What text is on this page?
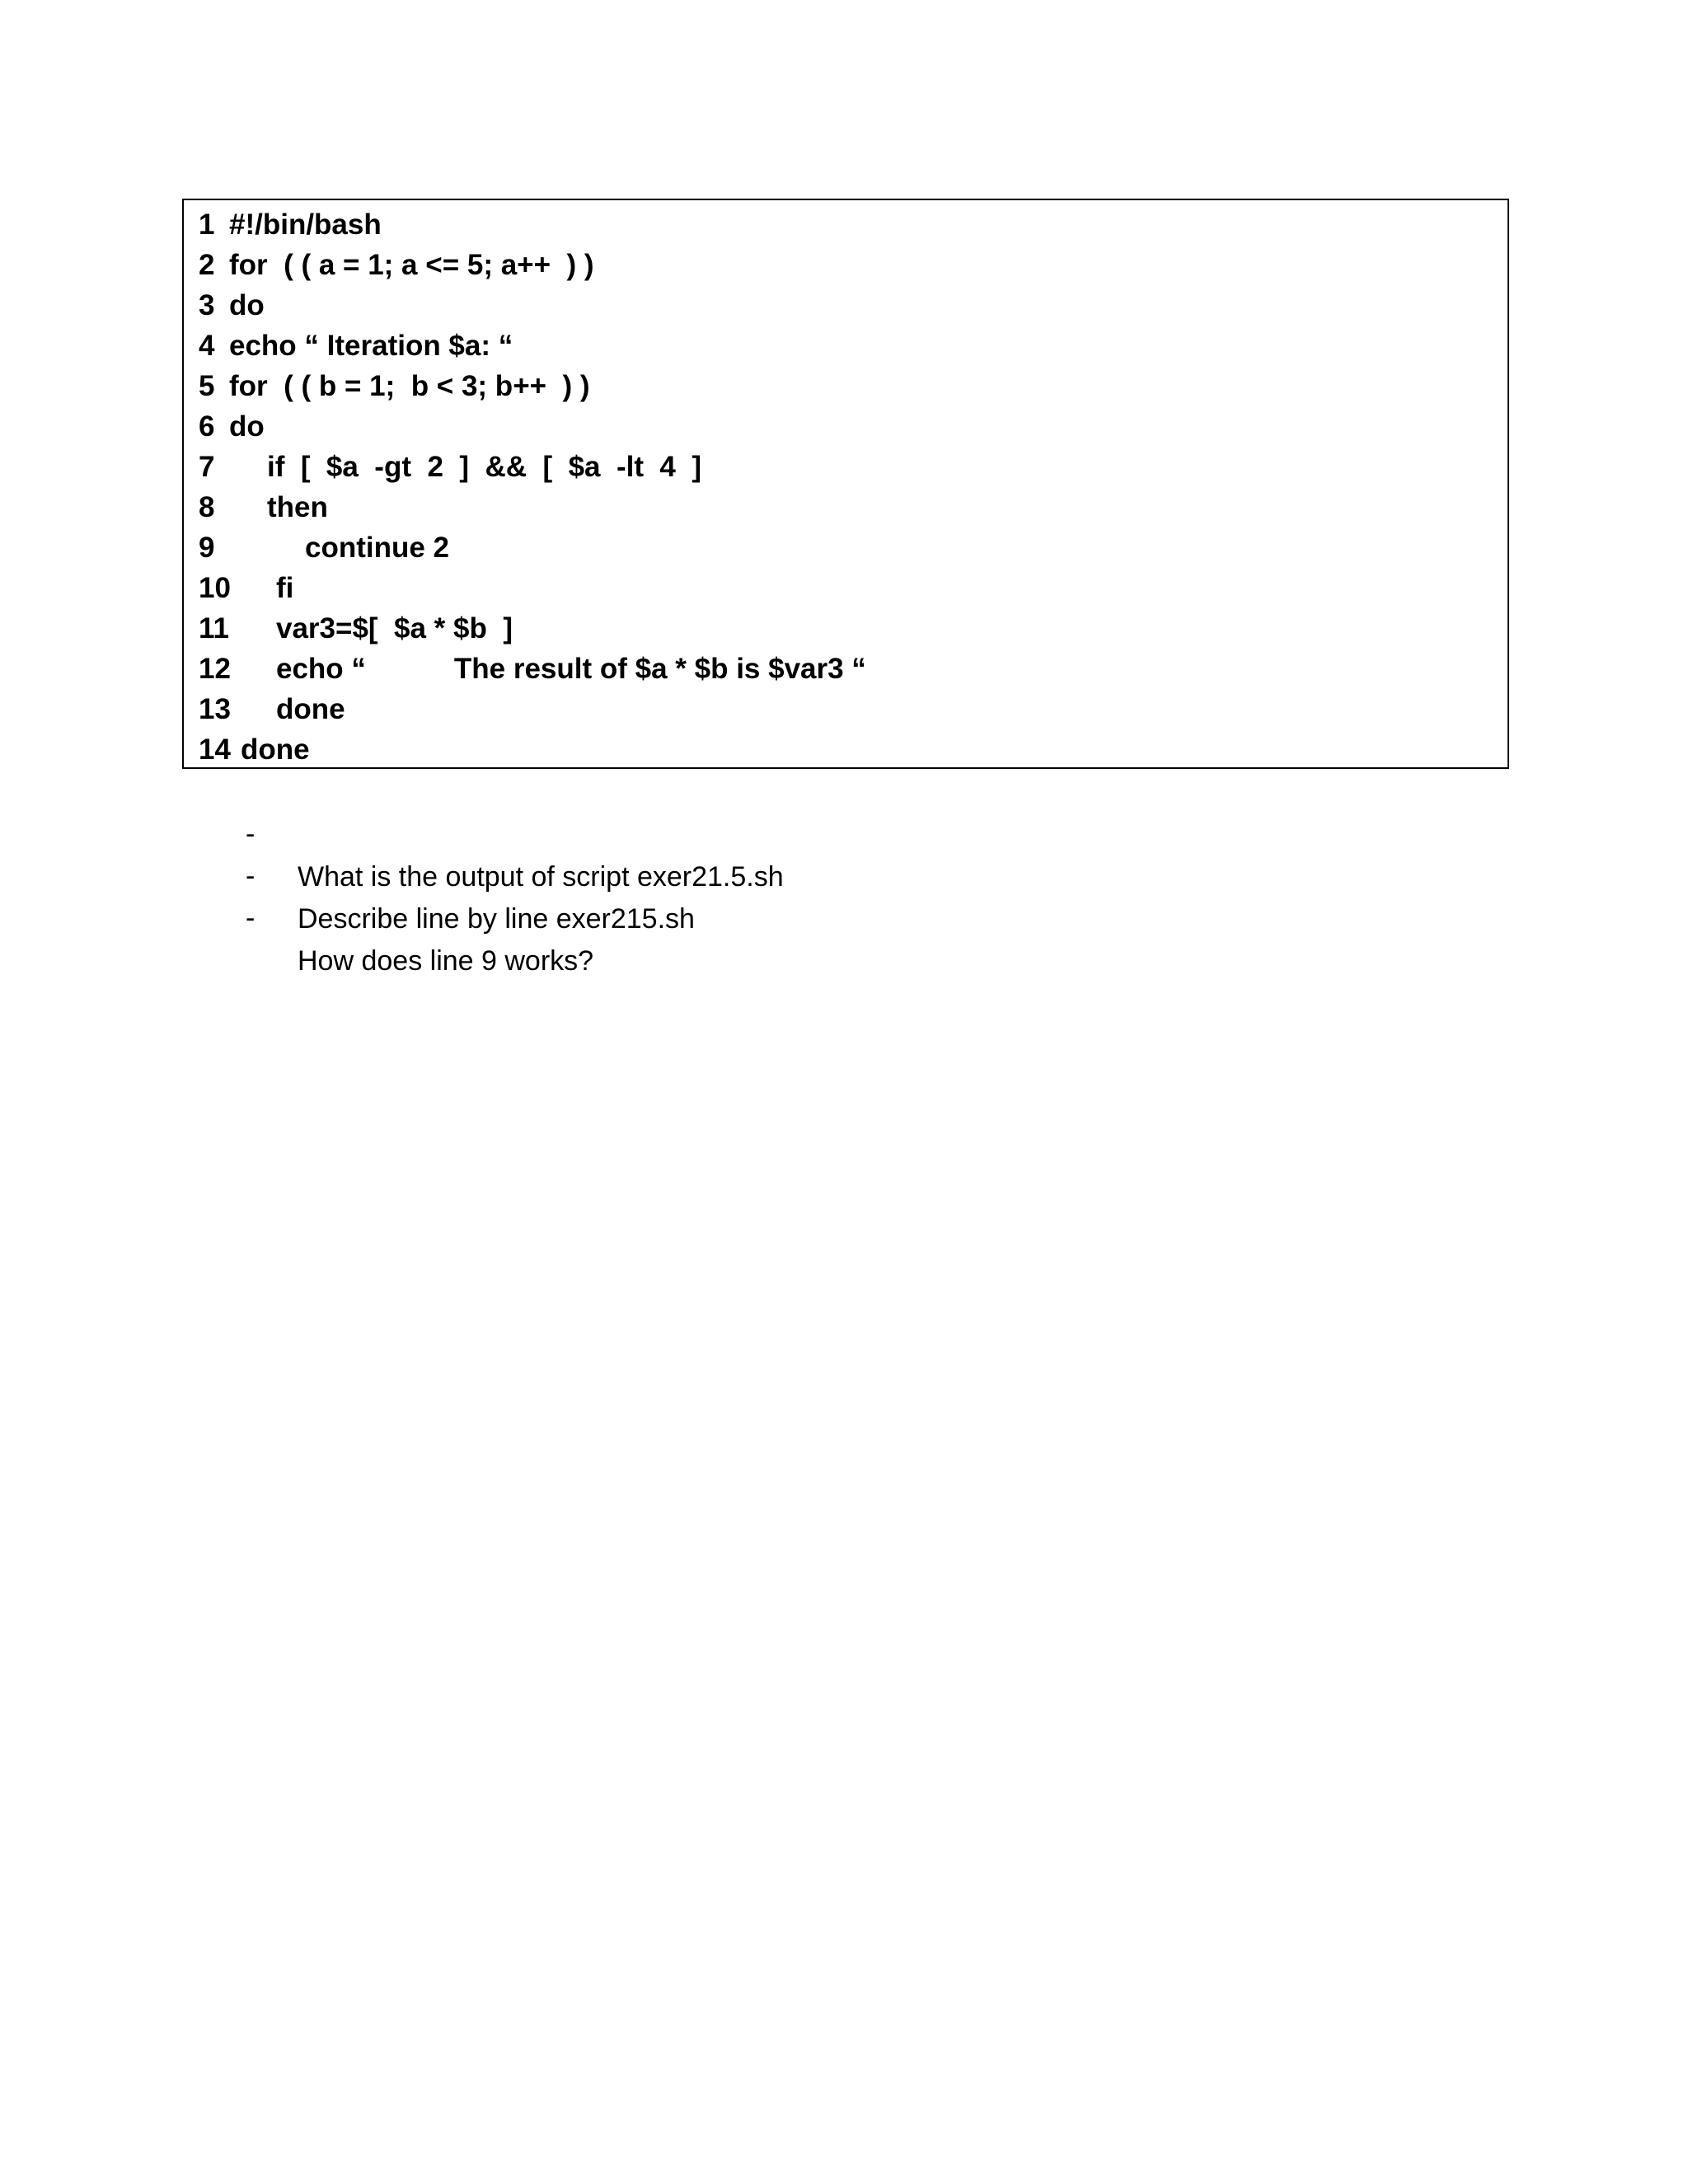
1

#!/bin/bash

2

for  ( ( a = 1; a <= 5; a++  ) )

3

do

4

echo “ Iteration $a: “

5

for  ( ( b = 1;  b < 3; b++  ) )

6

do

7

if  [  $a  -gt  2  ]  &&  [  $a  -lt  4  ]

8

then

9

	continue 2

10

fi

11

var3=$[  $a * $b  ]

12

echo “           The result of $a * $b is $var3 “

13

done

14

done

-

What is the output of script exer21.5.sh

-

Describe line by line exer215.sh

-

How does line 9 works?
